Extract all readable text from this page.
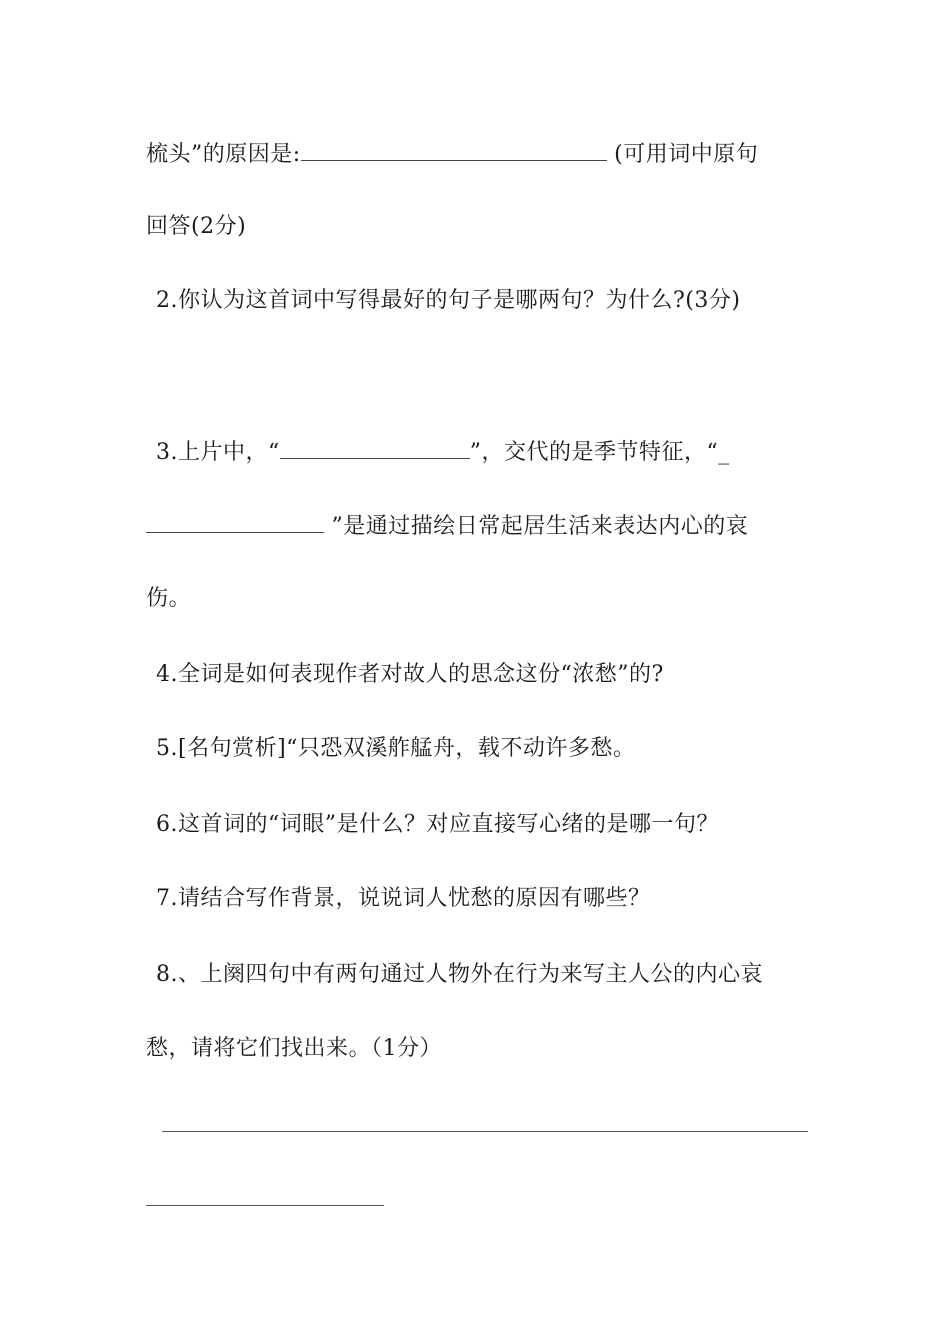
梳头”的原因是:	(可用词中原句
回答(2分)
2.你认为这首词中写得最好的句子是哪两句？为什么?(3分)
3.上片中，“	”，交代的是季节特征，“_
”是通过描绘日常起居生活来表达内心的哀
伤。
4.全词是如何表现作者对故人的思念这份“浓愁”的?
5.[名句赏析]“只恐双溪舴艋舟，载不动许多愁。
6.这首词的“词眼”是什么？对应直接写心绪的是哪一句？
7.请结合写作背景，说说词人忧愁的原因有哪些？
8.、上阕四句中有两句通过人物外在行为来写主人公的内心哀
愁，请将它们找出来。（1分）
